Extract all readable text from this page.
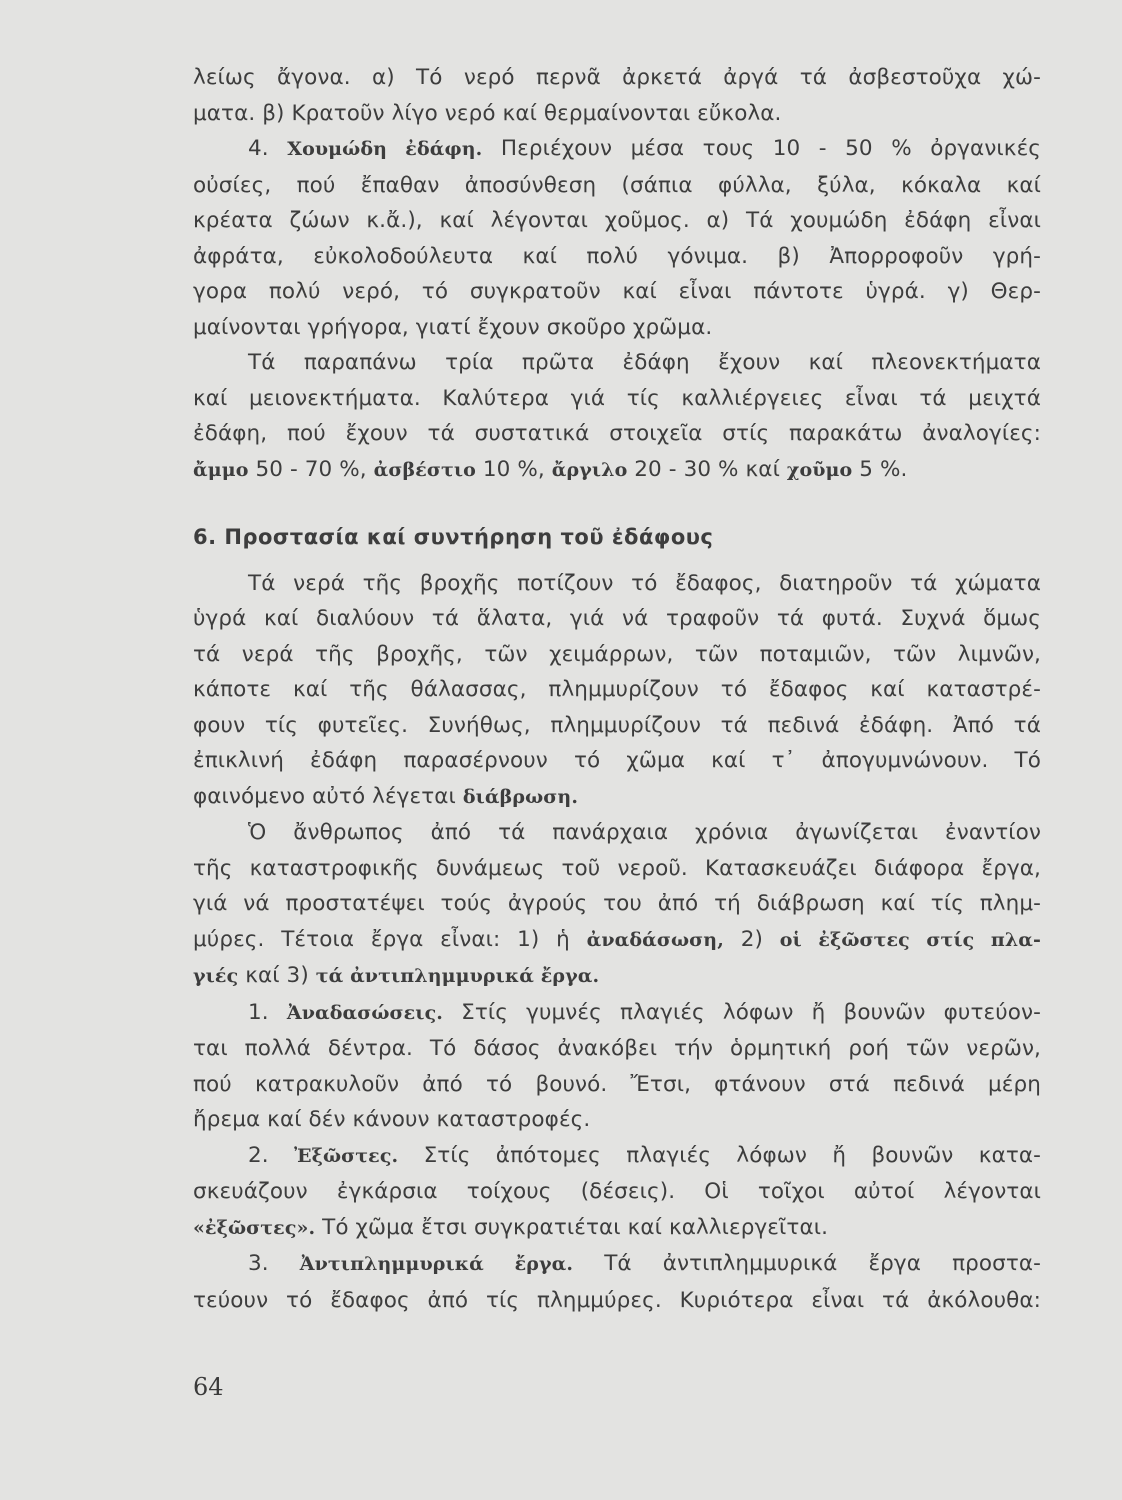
λείως ἄγονα. α) Τό νερό περνᾶ ἀρκετά ἀργά τά ἀσβεστοῦχα χώ-
ματα. β) Κρατοῦν λίγο νερό καί θερμαίνονται εὔκολα.
4. Χουμώδη ἐδάφη. Περιέχουν μέσα τους 10 - 50 % ὀργανικές
οὐσίες, πού ἔπαθαν ἀποσύνθεση (σάπια φύλλα, ξύλα, κόκαλα καί
κρέατα ζώων κ.ἄ.), καί λέγονται χοῦμος. α) Τά χουμώδη ἐδάφη εἶναι
ἀφράτα, εὐκολοδούλευτα καί πολύ γόνιμα. β) Ἀπορροφοῦν γρή-
γορα πολύ νερό, τό συγκρατοῦν καί εἶναι πάντοτε ὑγρά. γ) Θερ-
μαίνονται γρήγορα, γιατί ἔχουν σκοῦρο χρῶμα.
Τά παραπάνω τρία πρῶτα ἐδάφη ἔχουν καί πλεονεκτήματα
καί μειονεκτήματα. Καλύτερα γιά τίς καλλιέργειες εἶναι τά μειχτά
ἐδάφη, πού ἔχουν τά συστατικά στοιχεῖα στίς παρακάτω ἀναλογίες:
ἄμμο 50 - 70 %, ἀσβέστιο 10 %, ἄργιλο 20 - 30 % καί χοῦμο 5 %.
6. Προστασία καί συντήρηση τοῦ ἐδάφους
Τά νερά τῆς βροχῆς ποτίζουν τό ἔδαφος, διατηροῦν τά χώματα
ὑγρά καί διαλύουν τά ἅλατα, γιά νά τραφοῦν τά φυτά. Συχνά ὅμως
τά νερά τῆς βροχῆς, τῶν χειμάρρων, τῶν ποταμιῶν, τῶν λιμνῶν,
κάποτε καί τῆς θάλασσας, πλημμυρίζουν τό ἔδαφος καί καταστρέ-
φουν τίς φυτεῖες. Συνήθως, πλημμυρίζουν τά πεδινά ἐδάφη. Ἀπό τά
ἐπικλινή ἐδάφη παρασέρνουν τό χῶμα καί τ᾿ ἀπογυμνώνουν. Τό
φαινόμενο αὐτό λέγεται διάβρωση.
Ὁ ἄνθρωπος ἀπό τά πανάρχαια χρόνια ἀγωνίζεται ἐναντίον
τῆς καταστροφικῆς δυνάμεως τοῦ νεροῦ. Κατασκευάζει διάφορα ἔργα,
γιά νά προστατέψει τούς ἀγρούς του ἀπό τή διάβρωση καί τίς πλημ-
μύρες. Τέτοια ἔργα εἶναι: 1) ἡ ἀναδάσωση, 2) οἱ ἐξῶστες στίς πλα-
γιές καί 3) τά ἀντιπλημμυρικά ἔργα.
1. Ἀναδασώσεις. Στίς γυμνές πλαγιές λόφων ἤ βουνῶν φυτεύον-
ται πολλά δέντρα. Τό δάσος ἀνακόβει τήν ὁρμητική ροή τῶν νερῶν,
πού κατρακυλοῦν ἀπό τό βουνό. Ἔτσι, φτάνουν στά πεδινά μέρη
ἤρεμα καί δέν κάνουν καταστροφές.
2. Ἐξῶστες. Στίς ἀπότομες πλαγιές λόφων ἤ βουνῶν κατα-
σκευάζουν ἐγκάρσια τοίχους (δέσεις). Οἱ τοῖχοι αὐτοί λέγονται
«ἐξῶστες». Τό χῶμα ἔτσι συγκρατιέται καί καλλιεργεῖται.
3. Ἀντιπλημμυρικά ἔργα. Τά ἀντιπλημμυρικά ἔργα προστα-
τεύουν τό ἔδαφος ἀπό τίς πλημμύρες. Κυριότερα εἶναι τά ἀκόλουθα:
64
